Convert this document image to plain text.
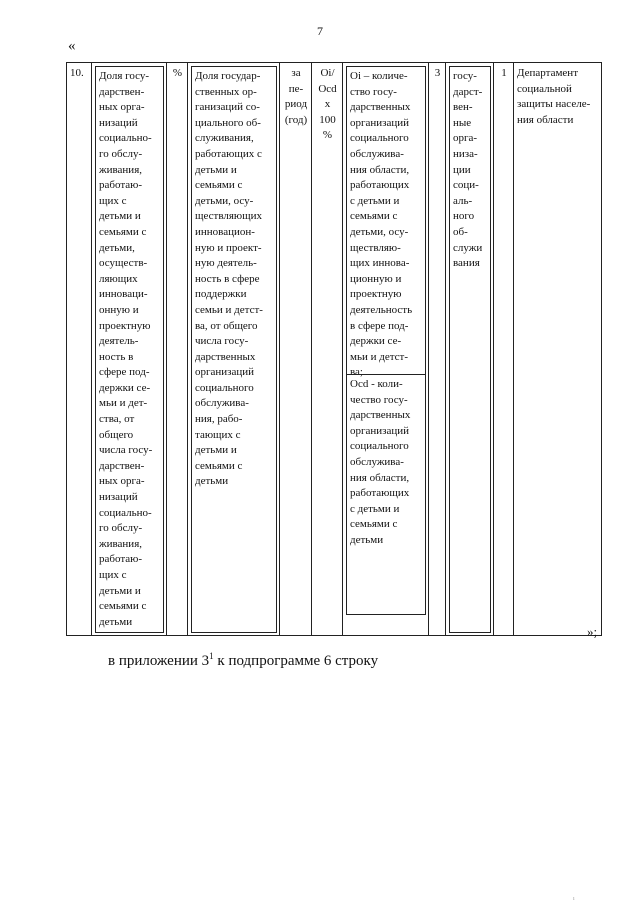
7
«
10.	Доля госу-
дарствен-
ных орга-
низаций
социально-
го обслу-
живания,
работаю-
щих с
детьми и
семьями с
детьми,
осуществ-
ляющих
инноваци-
онную и
проектную
деятель-
ность в
сфере под-
держки се-
мьи и дет-
ства, от
общего
числа госу-
дарствен-
ных орга-
низаций
социально-
го обслу-
живания,
работаю-
щих с
детьми и
семьями с
детьми
	%	Доля государ-
ственных ор-
ганизаций со-
циального об-
служивания,
работающих с
детьми и
семьями с
детьми, осу-
ществляющих
инновацион-
ную и проект-
ную деятель-
ность в сфере
поддержки
семьи и детст-
ва, от общего
числа госу-
дарственных
организаций
социального
обслужива-
ния, рабо-
тающих с
детьми и
семьями с
детьми
	за
пе-
риод
(год)	Oi/
Ocd
x
100
%	
Oi – количе-
ство госу-
дарственных
организаций
социального
обслужива-
ния области,
работающих
с детьми и
семьями с
детьми, осу-
ществляю-
щих иннова-
ционную и
проектную
деятельность
в сфере под-
держки се-
мьи и детст-
ва;
Ocd - коли-
чество госу-
дарственных
организаций
социального
обслужива-
ния области,
работающих
с детьми и
семьями с
детьми
	3	госу-
дарст-
вен-
ные
орга-
низа-
ции
соци-
аль-
ного
об-
служи
вания
	1	Департамент
социальной
защиты населе-
ния области
»;
в приложении $3^1$ к подпрограмме 6 строку
ı
